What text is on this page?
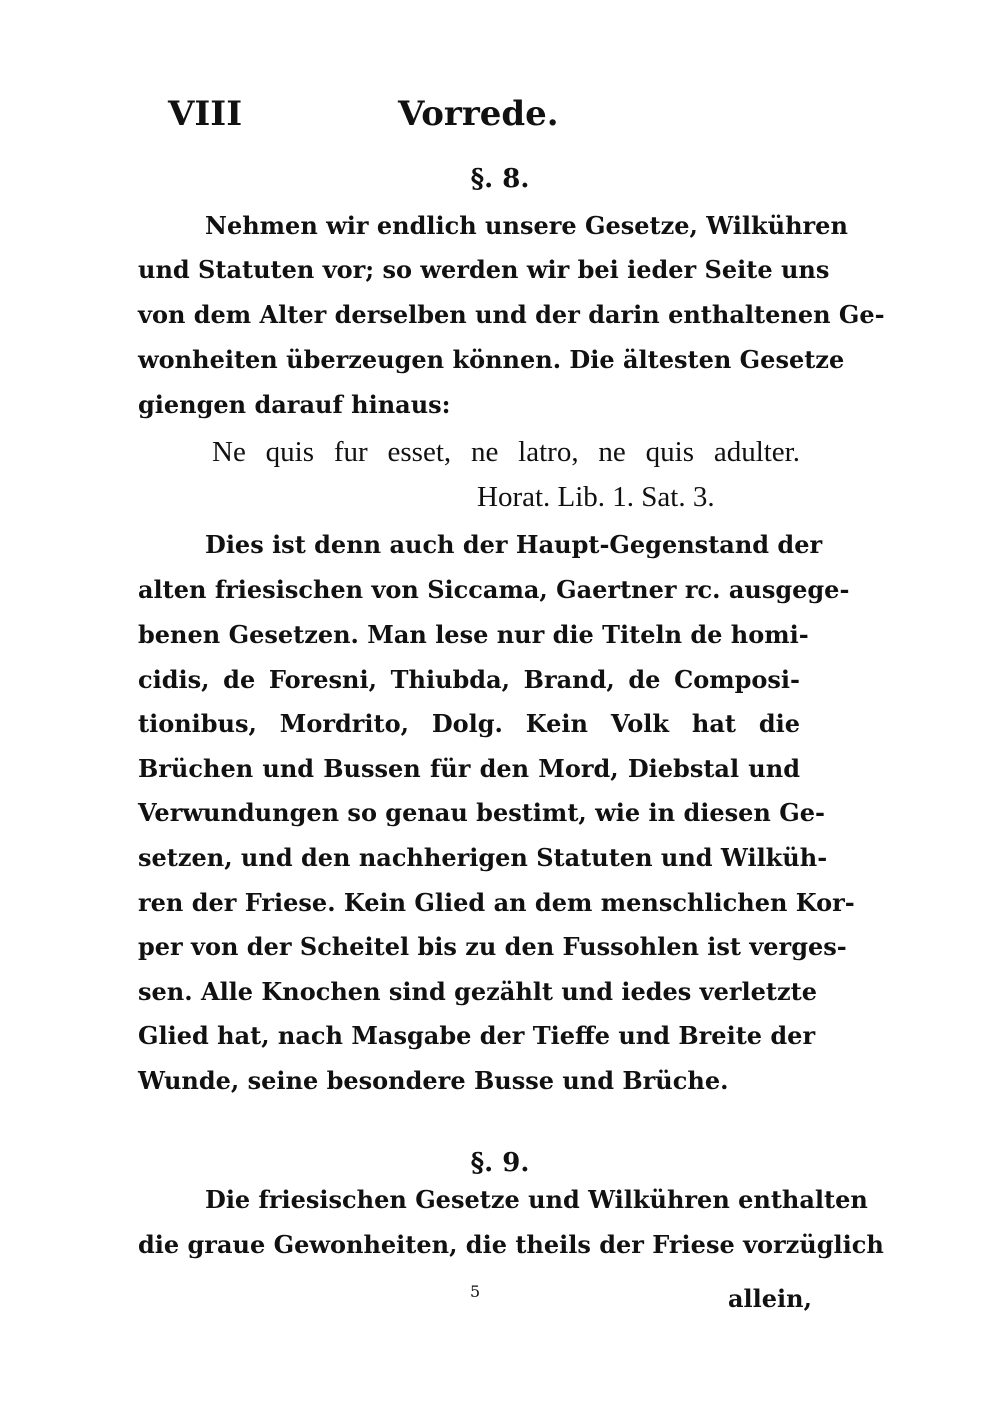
VIII	Vorrede.
§. 8.
Nehmen wir endlich unsere Gesetze, Wilkühren
und Statuten vor; so werden wir bei ieder Seite uns
von dem Alter derselben und der darin enthaltenen Ge-
wonheiten überzeugen können. Die ältesten Gesetze
giengen darauf hinaus:
Ne quis fur esset, ne latro, ne quis adulter.
Horat. Lib. 1. Sat. 3.
Dies ist denn auch der Haupt-Gegenstand der
alten friesischen von Siccama, Gaertner rc. ausgege-
benen Gesetzen. Man lese nur die Titeln de homi-
cidis, de Foresni, Thiubda, Brand, de Composi-
tionibus, Mordrito, Dolg. Kein Volk hat die
Brüchen und Bussen für den Mord, Diebstal und
Verwundungen so genau bestimt, wie in diesen Ge-
setzen, und den nachherigen Statuten und Wilküh-
ren der Friese. Kein Glied an dem menschlichen Kor-
per von der Scheitel bis zu den Fussohlen ist verges-
sen. Alle Knochen sind gezählt und iedes verletzte
Glied hat, nach Masgabe der Tieffe und Breite der
Wunde, seine besondere Busse und Brüche.
§. 9.
Die friesischen Gesetze und Wilkühren enthalten
die graue Gewonheiten, die theils der Friese vorzüglich
5	allein,
